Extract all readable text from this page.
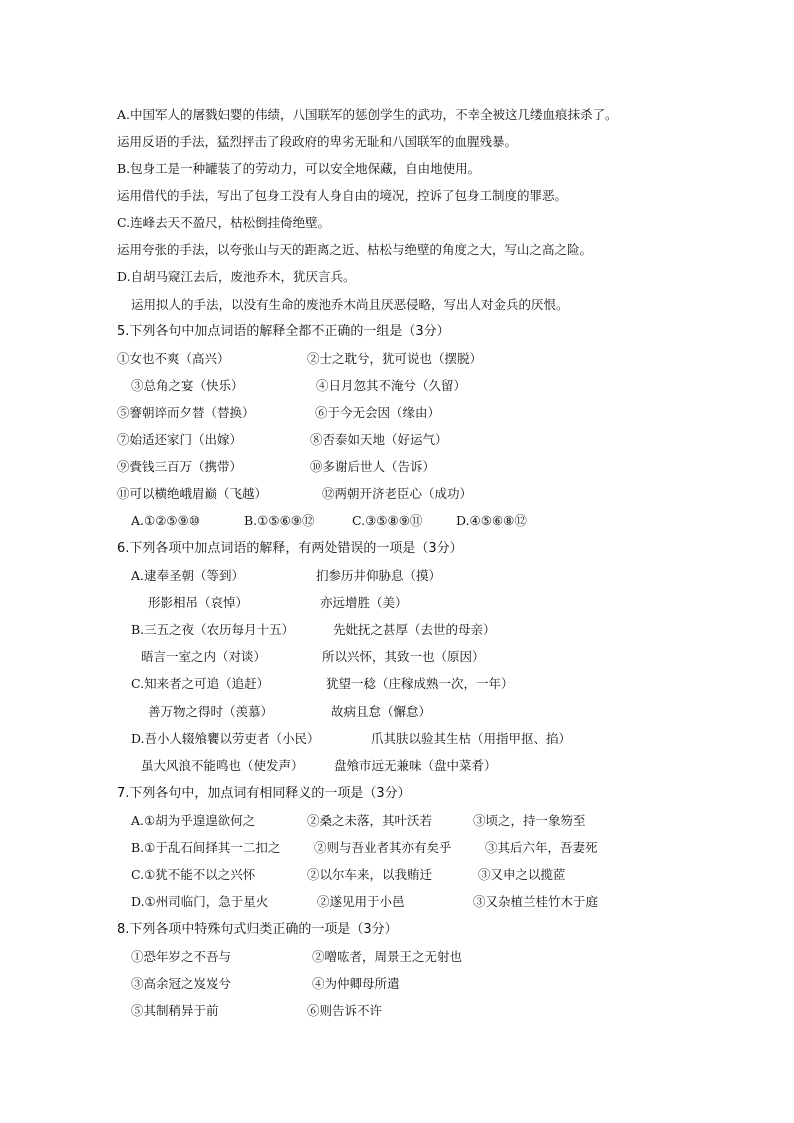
A.中国军人的屠戮妇婴的伟绩，八国联军的惩创学生的武功，不幸全被这几缕血痕抹杀了。
运用反语的手法，猛烈抨击了段政府的卑劣无耻和八国联军的血腥残暴。
B.包身工是一种罐装了的劳动力，可以安全地保藏，自由地使用。
运用借代的手法，写出了包身工没有人身自由的境况，控诉了包身工制度的罪恶。
C.连峰去天不盈尺，枯松倒挂倚绝壁。
运用夸张的手法，以夸张山与天的距离之近、枯松与绝壁的角度之大，写山之高之险。
D.自胡马窥江去后，废池乔木，犹厌言兵。
运用拟人的手法，以没有生命的废池乔木尚且厌恶侵略，写出人对金兵的厌恨。
5.下列各句中加点词语的解释全都不正确的一组是（3分）
①女也不爽（高兴）	②士之耽兮，犹可说也（摆脱）
③总角之宴（快乐）	④日月忽其不淹兮（久留）
⑤謇朝谇而夕替（替换）	⑥于今无会因（缘由）
⑦始适还家门（出嫁）	⑧否泰如天地（好运气）
⑨賫钱三百万（携带）	⑩多谢后世人（告诉）
⑪可以横绝峨眉巅（飞越）	⑫两朝开济老臣心（成功）
A.①②⑤⑨⑩	B.①⑤⑥⑨⑫	C.③⑤⑧⑨⑪	D.④⑤⑥⑧⑫
6.下列各项中加点词语的解释，有两处错误的一项是（3分）
A.逮奉圣朝（等到）	扪参历井仰胁息（摸）
形影相吊（哀悼）	亦远增胜（美）
B.三五之夜（农历每月十五）	先妣抚之甚厚（去世的母亲）
晤言一室之内（对谈）	所以兴怀，其致一也（原因）
C.知来者之可追（追赶）	犹望一稔（庄稼成熟一次，一年）
善万物之得时（羡慕）	故病且怠（懈怠）
D.吾小人辍飧饔以劳吏者（小民）	爪其肤以验其生枯（用指甲抠、掐）
虽大风浪不能鸣也（使发声） 盘飧市远无兼味（盘中菜肴）
7.下列各句中，加点词有相同释义的一项是（3分）
A.①胡为乎遑遑欲何之	②桑之未落，其叶沃若	③顷之，持一象笏至
B.①于乱石间择其一二扣之	②则与吾业者其亦有矣乎	③其后六年，吾妻死
C.①犹不能不以之兴怀	②以尔车来，以我贿迁	③又申之以揽茝
D.①州司临门，急于星火	②遂见用于小邑	③又杂植兰桂竹木于庭
8.下列各项中特殊句式归类正确的一项是（3分）
①恐年岁之不吾与	②噌吰者，周景王之无射也
③高余冠之岌岌兮	④为仲卿母所遣
⑤其制稍异于前	⑥则告诉不许
